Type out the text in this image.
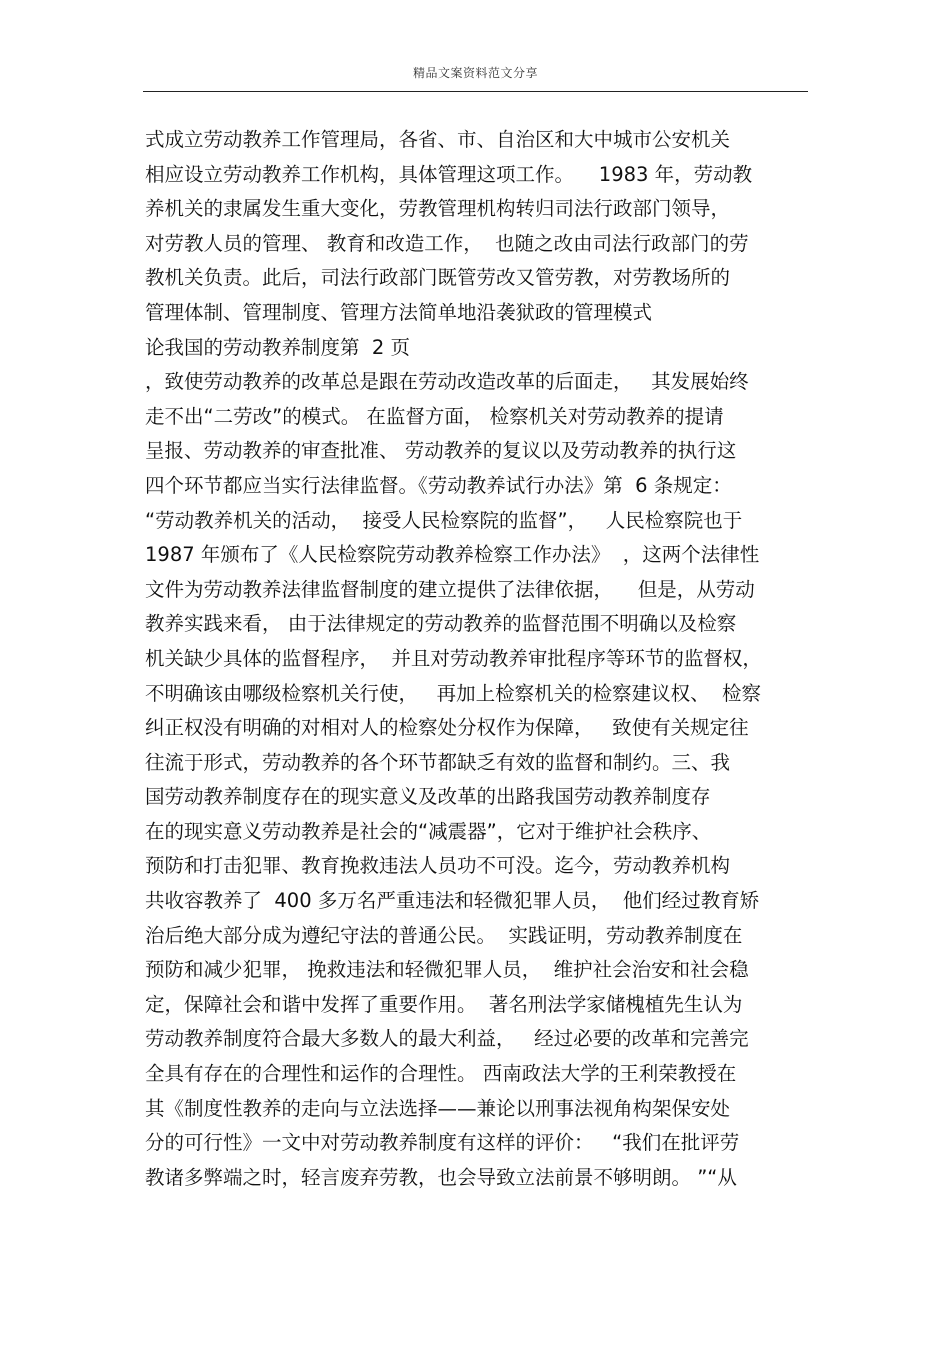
精品文案资料范文分享
式成立劳动教养工作管理局，各省、市、自治区和大中城市公安机关
相应设立劳动教养工作机构，具体管理这项工作。    1983 年，劳动教
养机关的隶属发生重大变化，劳教管理机构转归司法行政部门领导，
对劳教人员的管理、 教育和改造工作，  也随之改由司法行政部门的劳
教机关负责。此后，司法行政部门既管劳改又管劳教，对劳教场所的
管理体制、管理制度、管理方法简单地沿袭狱政的管理模式
论我国的劳动教养制度第  2 页
，致使劳动教养的改革总是跟在劳动改造改革的后面走，   其发展始终
走不出“二劳改”的模式。 在监督方面， 检察机关对劳动教养的提请
呈报、劳动教养的审查批准、 劳动教养的复议以及劳动教养的执行这
四个环节都应当实行法律监督。《劳动教养试行办法》第  6 条规定：
“劳动教养机关的活动，  接受人民检察院的监督”，   人民检察院也于
1987 年颁布了《人民检察院劳动教养检察工作办法》  ，这两个法律性
文件为劳动教养法律监督制度的建立提供了法律依据，    但是，从劳动
教养实践来看， 由于法律规定的劳动教养的监督范围不明确以及检察
机关缺少具体的监督程序，  并且对劳动教养审批程序等环节的监督权，
不明确该由哪级检察机关行使，   再加上检察机关的检察建议权、  检察
纠正权没有明确的对相对人的检察处分权作为保障，   致使有关规定往
往流于形式，劳动教养的各个环节都缺乏有效的监督和制约。三、我
国劳动教养制度存在的现实意义及改革的出路我国劳动教养制度存
在的现实意义劳动教养是社会的“减震器”，它对于维护社会秩序、
预防和打击犯罪、教育挽救违法人员功不可没。迄今，劳动教养机构
共收容教养了  400 多万名严重违法和轻微犯罪人员，  他们经过教育矫
治后绝大部分成为遵纪守法的普通公民。  实践证明，劳动教养制度在
预防和减少犯罪， 挽救违法和轻微犯罪人员，  维护社会治安和社会稳
定，保障社会和谐中发挥了重要作用。  著名刑法学家储槐植先生认为
劳动教养制度符合最大多数人的最大利益，   经过必要的改革和完善完
全具有存在的合理性和运作的合理性。 西南政法大学的王利荣教授在
其《制度性教养的走向与立法选择——兼论以刑事法视角构架保安处
分的可行性》一文中对劳动教养制度有这样的评价：   “我们在批评劳
教诸多弊端之时，轻言废弃劳教，也会导致立法前景不够明朗。 ”“从
